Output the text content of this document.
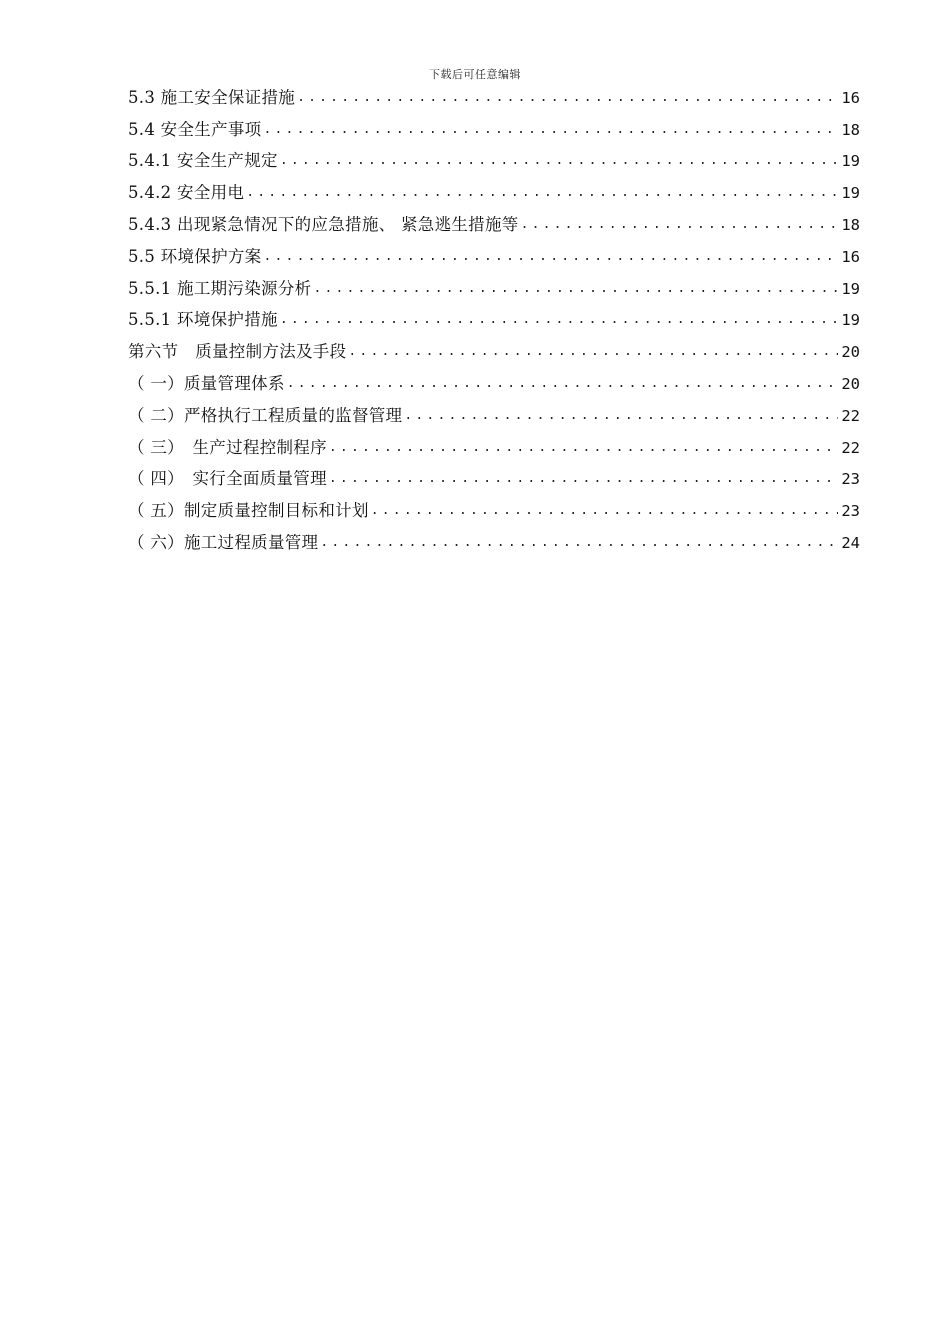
下载后可任意编辑
5.3 施工安全保证措施 .....	16
5.4 安全生产事项 .....	18
5.4.1 安全生产规定 .....	19
5.4.2 安全用电 .....	19
5.4.3 出现紧急情况下的应急措施、 紧急逃生措施等 .....	18
5.5 环境保护方案 .....	16
5.5.1 施工期污染源分析 .....	19
5.5.1 环境保护措施 .....	19
第六节　质量控制方法及手段 .....	20
（ 一）质量管理体系 .....	20
（ 二）严格执行工程质量的监督管理 .....	22
（ 三）　生产过程控制程序 .....	22
（ 四）　实行全面质量管理 .....	23
（ 五）制定质量控制目标和计划 .....	23
（ 六）施工过程质量管理 .....	24
